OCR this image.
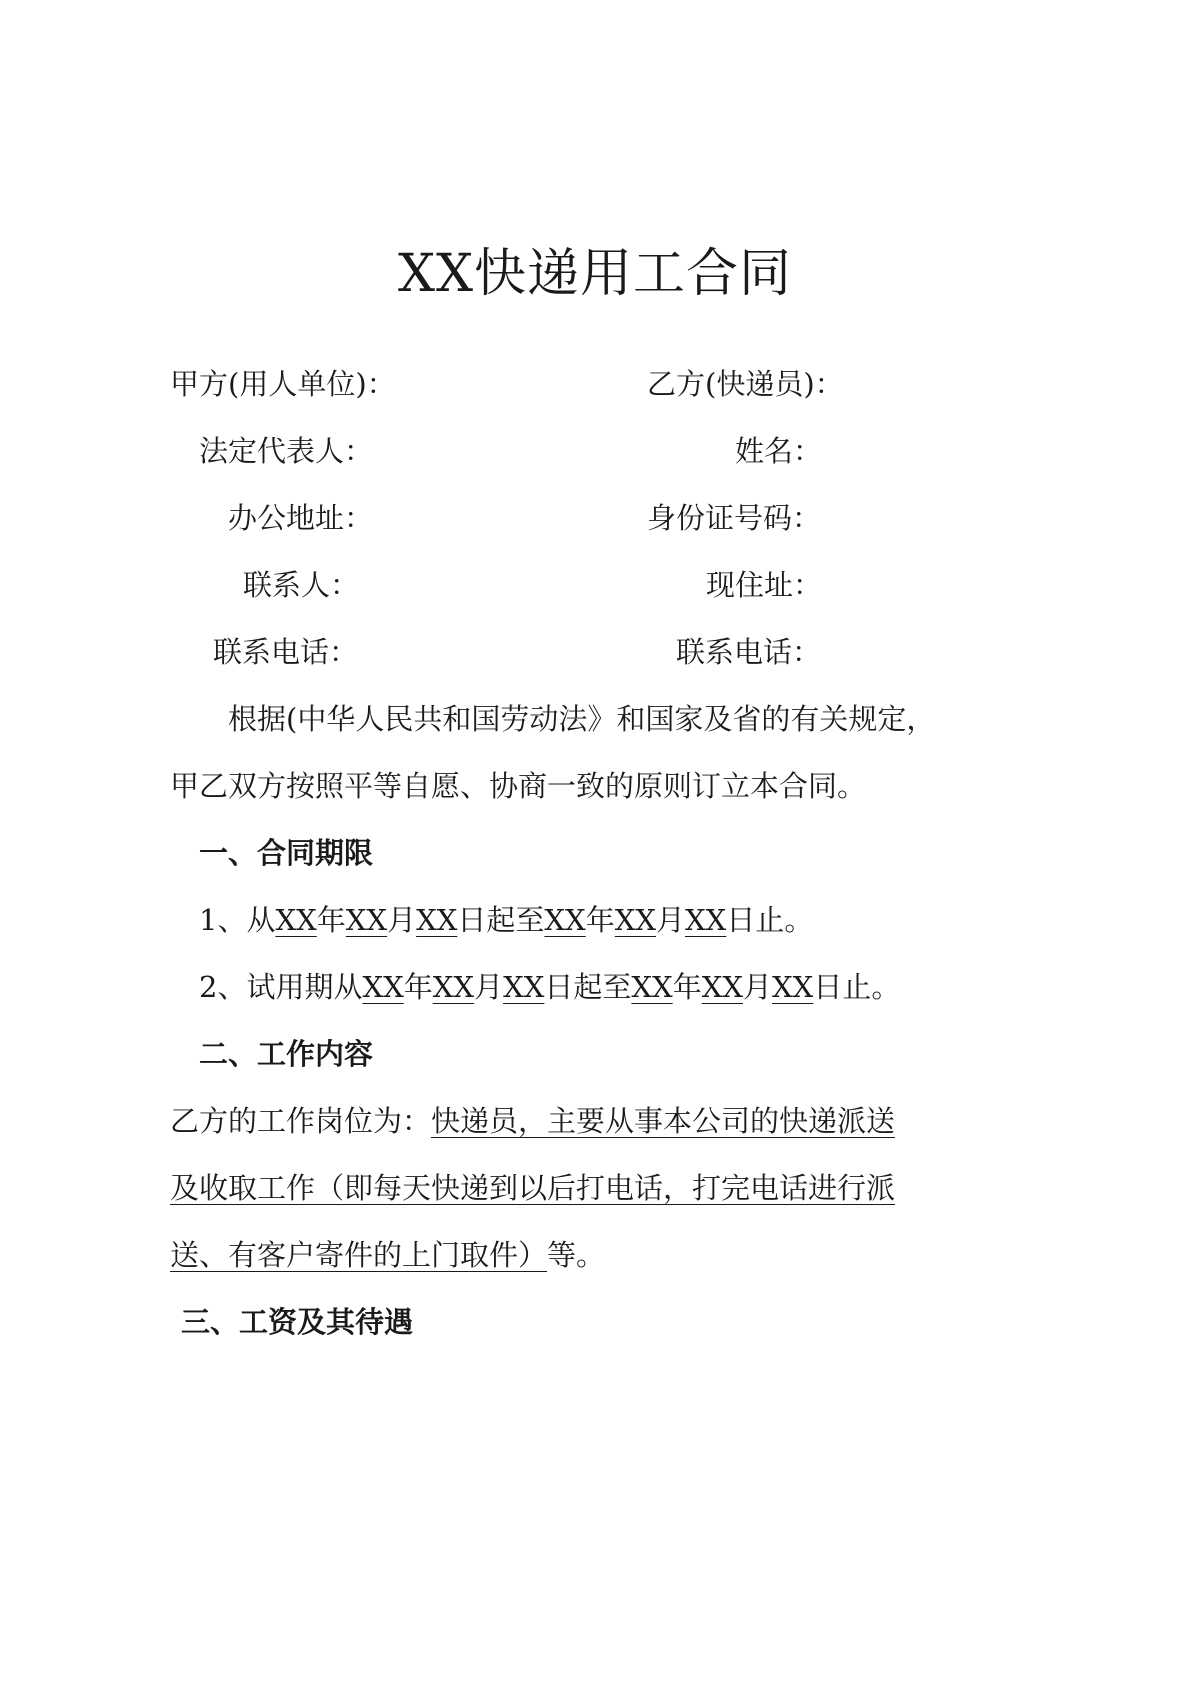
XX快递用工合同
甲方(用人单位)：	乙方(快递员)：
法定代表人：	姓名：
办公地址：	身份证号码：
联系人：	现住址：
联系电话：	联系电话：
根据(中华人民共和国劳动法》和国家及省的有关规定，
甲乙双方按照平等自愿、协商一致的原则订立本合同。
一、合同期限
1、从XX年XX月XX日起至XX年XX月XX日止。
2、试用期从XX年XX月XX日起至XX年XX月XX日止。
二、工作内容
乙方的工作岗位为：快递员，主要从事本公司的快递派送
及收取工作（即每天快递到以后打电话，打完电话进行派
送、有客户寄件的上门取件）等。
三、工资及其待遇
